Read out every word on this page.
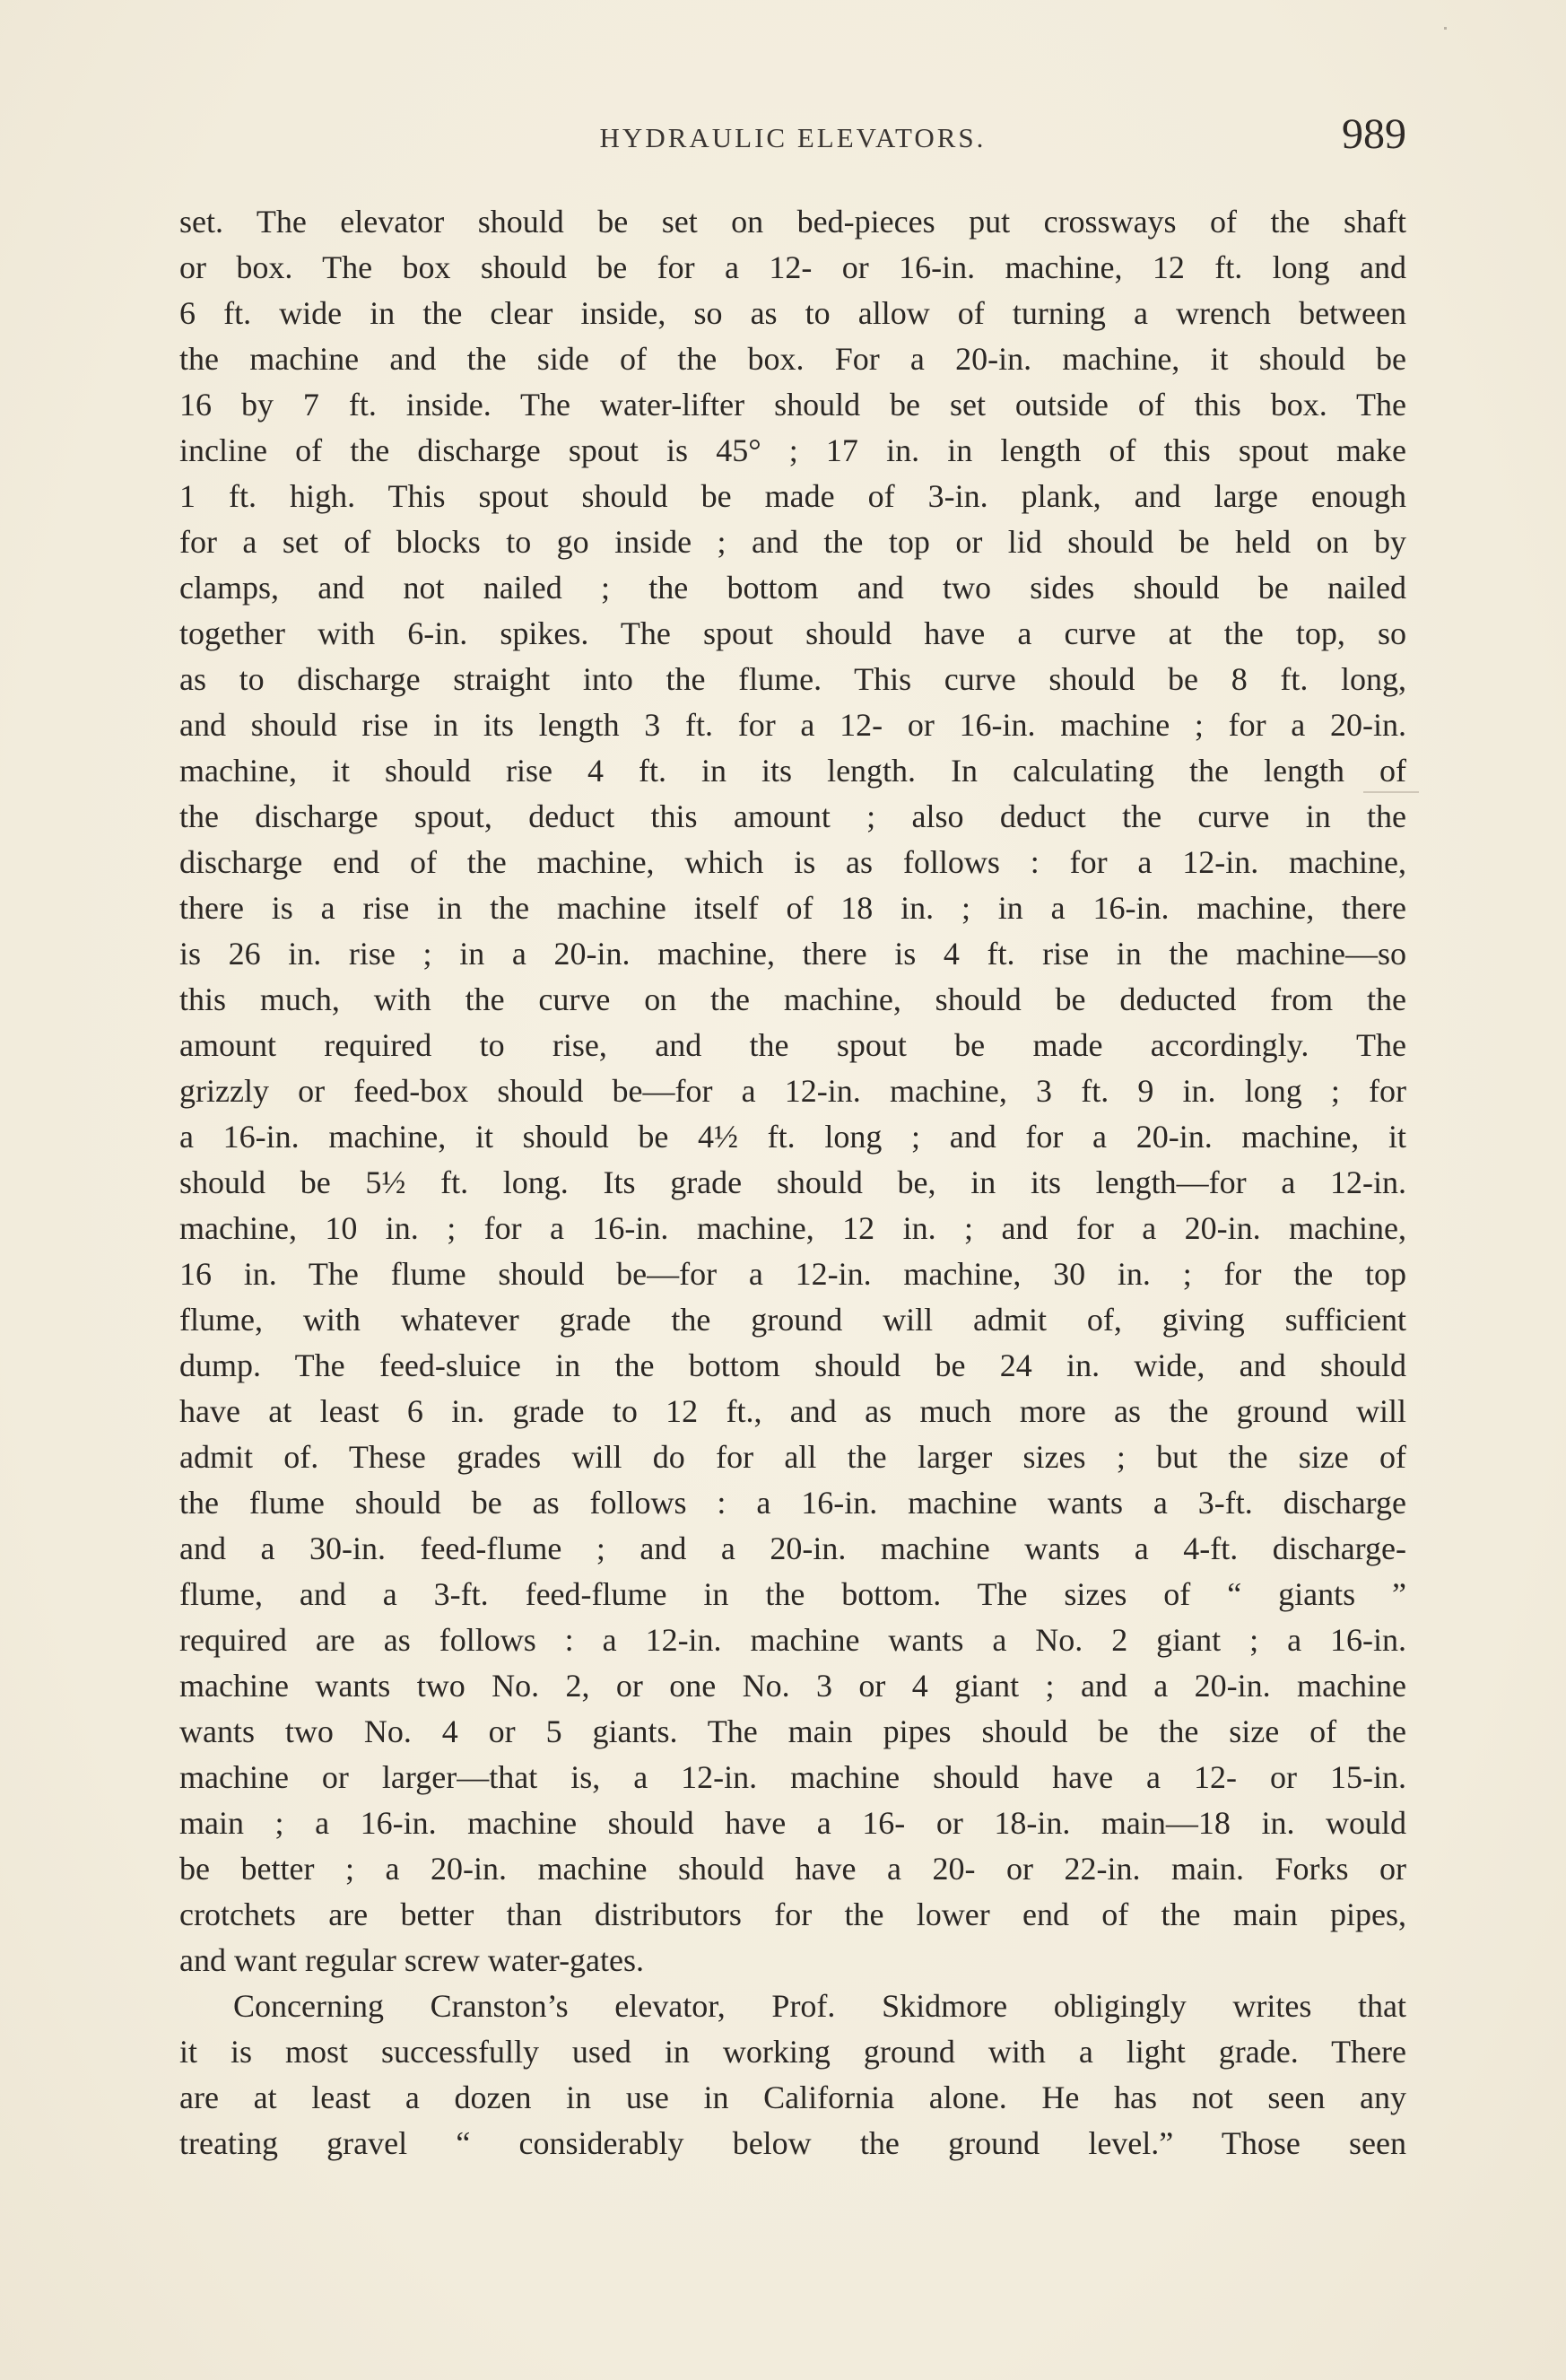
HYDRAULIC ELEVATORS.	989
set. The elevator should be set on bed-pieces put crossways of the shaft
or box. The box should be for a 12- or 16-in. machine, 12 ft. long and
6 ft. wide in the clear inside, so as to allow of turning a wrench between
the machine and the side of the box. For a 20-in. machine, it should be
16 by 7 ft. inside. The water-lifter should be set outside of this box. The
incline of the discharge spout is 45° ; 17 in. in length of this spout make
1 ft. high. This spout should be made of 3-in. plank, and large enough
for a set of blocks to go inside ; and the top or lid should be held on by
clamps, and not nailed ; the bottom and two sides should be nailed
together with 6-in. spikes. The spout should have a curve at the top, so
as to discharge straight into the flume. This curve should be 8 ft. long,
and should rise in its length 3 ft. for a 12- or 16-in. machine ; for a 20-in.
machine, it should rise 4 ft. in its length. In calculating the length of
the discharge spout, deduct this amount ; also deduct the curve in the
discharge end of the machine, which is as follows : for a 12-in. machine,
there is a rise in the machine itself of 18 in. ; in a 16-in. machine, there
is 26 in. rise ; in a 20-in. machine, there is 4 ft. rise in the machine—so
this much, with the curve on the machine, should be deducted from the
amount required to rise, and the spout be made accordingly. The
grizzly or feed-box should be—for a 12-in. machine, 3 ft. 9 in. long ; for
a 16-in. machine, it should be 4½ ft. long ; and for a 20-in. machine, it
should be 5½ ft. long. Its grade should be, in its length—for a 12-in.
machine, 10 in. ; for a 16-in. machine, 12 in. ; and for a 20-in. machine,
16 in. The flume should be—for a 12-in. machine, 30 in. ; for the top
flume, with whatever grade the ground will admit of, giving sufficient
dump. The feed-sluice in the bottom should be 24 in. wide, and should
have at least 6 in. grade to 12 ft., and as much more as the ground will
admit of. These grades will do for all the larger sizes ; but the size of
the flume should be as follows : a 16-in. machine wants a 3-ft. discharge
and a 30-in. feed-flume ; and a 20-in. machine wants a 4-ft. discharge-
flume, and a 3-ft. feed-flume in the bottom. The sizes of “ giants ”
required are as follows : a 12-in. machine wants a No. 2 giant ; a 16-in.
machine wants two No. 2, or one No. 3 or 4 giant ; and a 20-in. machine
wants two No. 4 or 5 giants. The main pipes should be the size of the
machine or larger—that is, a 12-in. machine should have a 12- or 15-in.
main ; a 16-in. machine should have a 16- or 18-in. main—18 in. would
be better ; a 20-in. machine should have a 20- or 22-in. main. Forks or
crotchets are better than distributors for the lower end of the main pipes,
and want regular screw water-gates.
Concerning Cranston’s elevator, Prof. Skidmore obligingly writes that
it is most successfully used in working ground with a light grade. There
are at least a dozen in use in California alone. He has not seen any
treating gravel “ considerably below the ground level.” Those seen
